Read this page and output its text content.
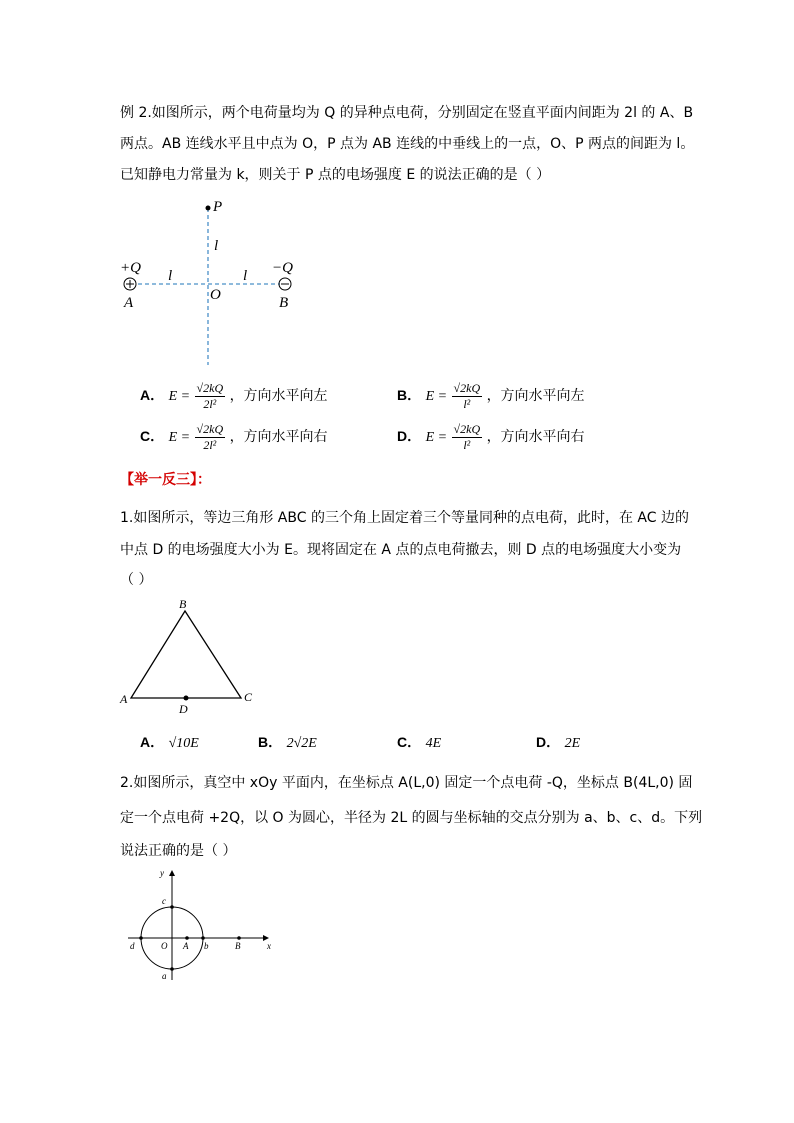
例 2.如图所示，两个电荷量均为 Q 的异种点电荷，分别固定在竖直平面内间距为 2l 的 A、B
两点。AB 连线水平且中点为 O，P 点为 AB 连线的中垂线上的一点，O、P 两点的间距为 l。
已知静电力常量为 k，则关于 P 点的电场强度 E 的说法正确的是（ ）
P
l
+Q l	l −Q
A	O	B
A． $E = \frac{√2kQ}{\text{2l²}}$ ，方向水平向左	B． $E = \frac{√2kQ}{\text{l²}}$ ，方向水平向左
C． $E = \frac{√2kQ}{\text{2l²}}$ ，方向水平向右	D． $E = \frac{√2kQ}{\text{l²}}$ ，方向水平向右
【举一反三】：
1.如图所示，等边三角形 ABC 的三个角上固定着三个等量同种的点电荷，此时，在 AC 边的
中点 D 的电场强度大小为 E。现将固定在 A 点的点电荷撤去，则 D 点的电场强度大小变为
（ ）
B
A	C
D
A． √10E	B． 2√2E	C． 4E	D． 2E
2.如图所示，真空中 xOy 平面内，在坐标点 A(L,0) 固定一个点电荷 -Q，坐标点 B(4L,0) 固
定一个点电荷 +2Q，以 O 为圆心，半径为 2L 的圆与坐标轴的交点分别为 a、b、c、d。下列
说法正确的是（ ）
y
x
c
d	O A b	B
a
